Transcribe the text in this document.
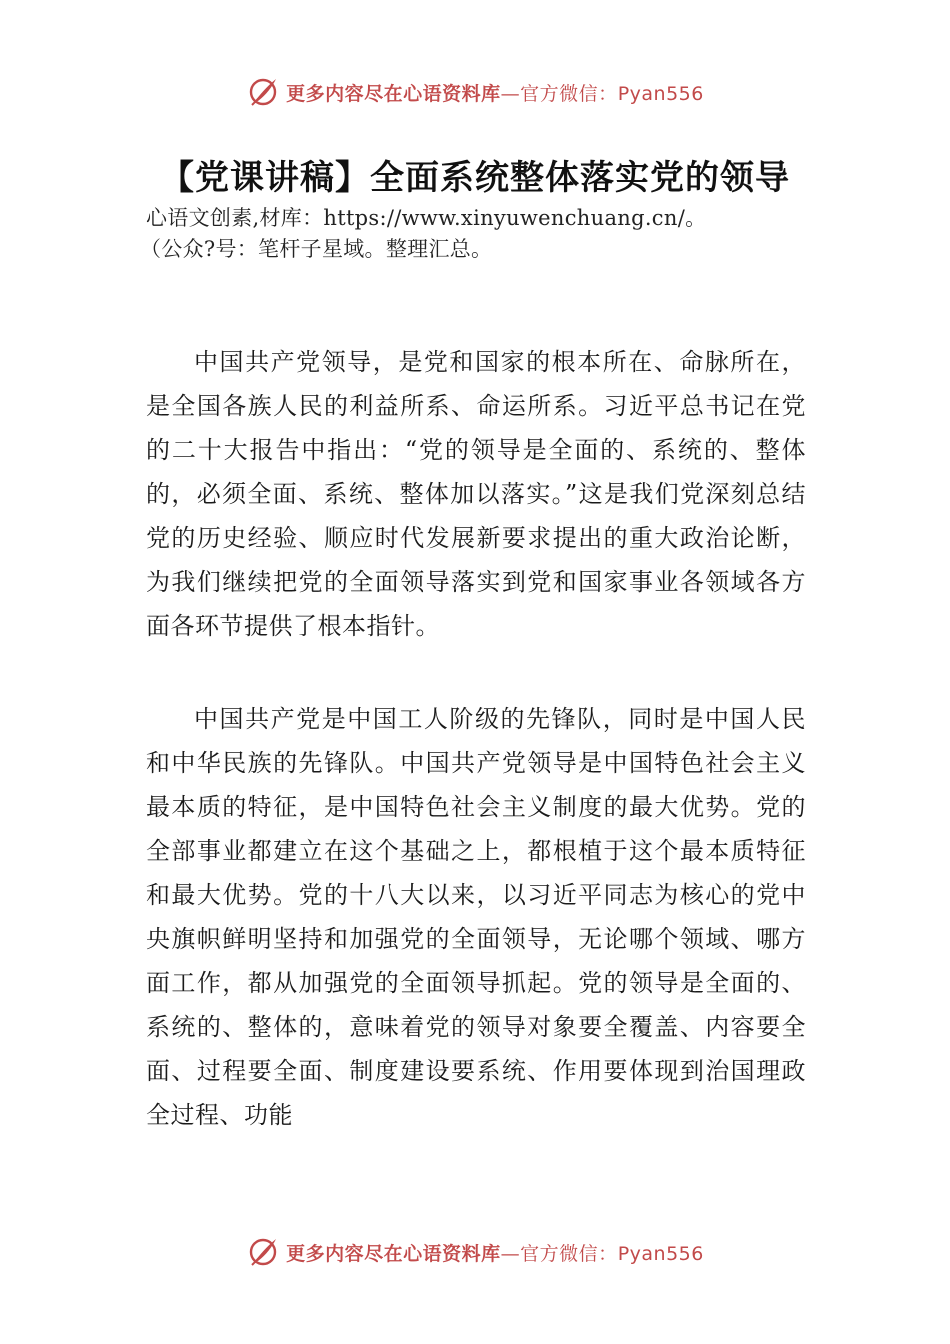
更多内容尽在心语资料库—官方微信：Pyan556
【党课讲稿】全面系统整体落实党的领导
心语文创素,材库：https://www.xinyuwenchuang.cn/。
（公众?号：笔杆子星域。整理汇总。

中国共产党领导，是党和国家的根本所在、命脉所在，是全国各族人民的利益所系、命运所系。习近平总书记在党的二十大报告中指出：“党的领导是全面的、系统的、整体的，必须全面、系统、整体加以落实。”这是我们党深刻总结党的历史经验、顺应时代发展新要求提出的重大政治论断，为我们继续把党的全面领导落实到党和国家事业各领域各方面各环节提供了根本指针。

中国共产党是中国工人阶级的先锋队，同时是中国人民和中华民族的先锋队。中国共产党领导是中国特色社会主义最本质的特征，是中国特色社会主义制度的最大优势。党的全部事业都建立在这个基础之上，都根植于这个最本质特征和最大优势。党的十八大以来，以习近平同志为核心的党中央旗帜鲜明坚持和加强党的全面领导，无论哪个领域、哪方面工作，都从加强党的全面领导抓起。党的领导是全面的、系统的、整体的，意味着党的领导对象要全覆盖、内容要全面、过程要全面、制度建设要系统、作用要体现到治国理政全过程、功能

更多内容尽在心语资料库—官方微信：Pyan556
